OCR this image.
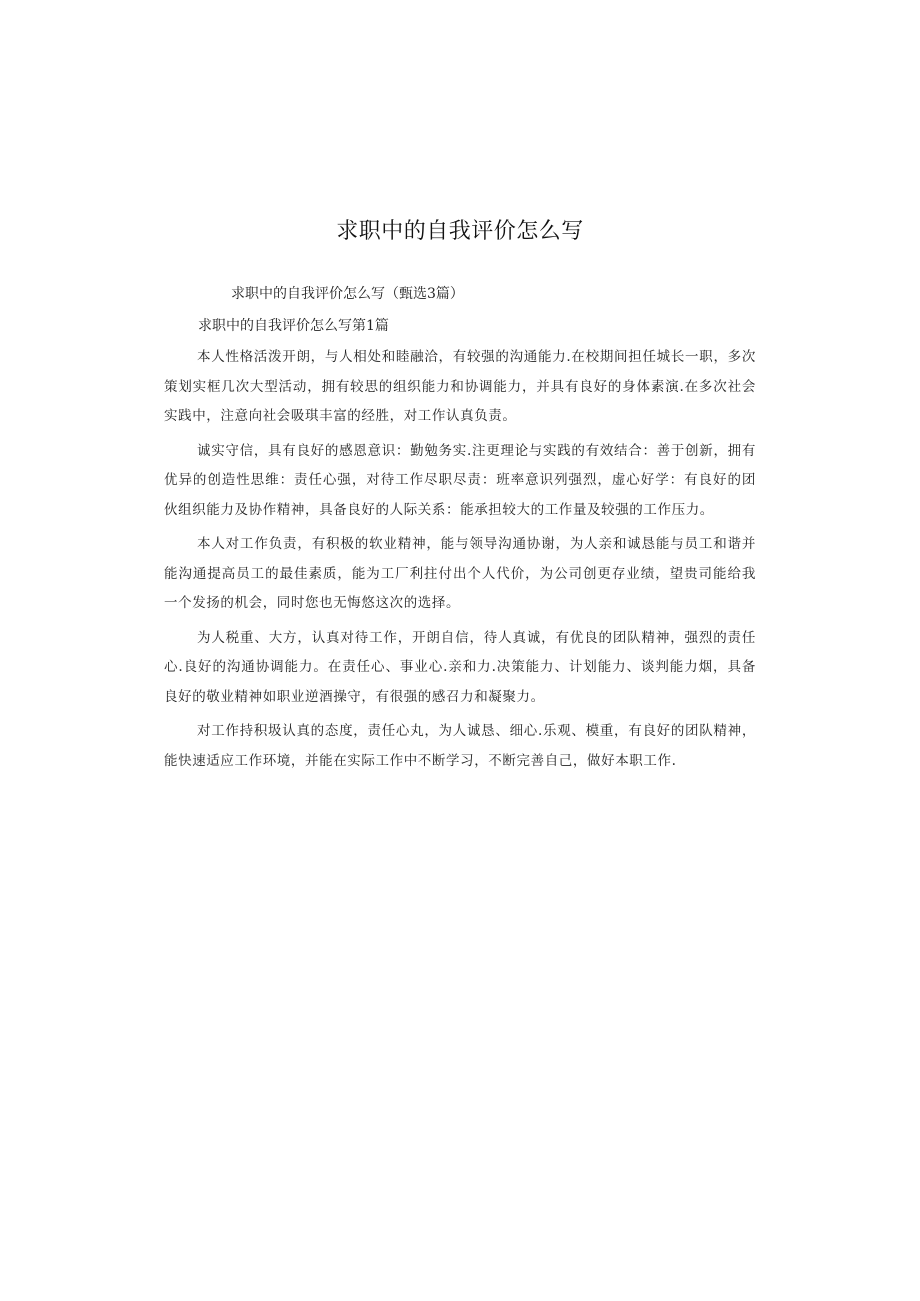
求职中的自我评价怎么写
求职中的自我评价怎么写（甄选3篇）
求职中的自我评价怎么写第1篇

本人性格活泼开朗，与人相处和睦融洽，有较强的沟通能力.在校期间担任城长一职，多次策划实框几次大型活动，拥有较思的组织能力和协调能力，并具有良好的身体素演.在多次社会实践中，注意向社会吸琪丰富的经胜，对工作认真负责。

诚实守信，具有良好的感恩意识：勤勉务实.注更理论与实践的有效结合：善于创新，拥有优异的创造性思维：责任心强，对待工作尽职尽责：班率意识列强烈，虚心好学：有良好的团伙组织能力及协作精神，具备良好的人际关系：能承担较大的工作量及较强的工作压力。

本人对工作负责，有积极的软业精神，能与领导沟通协谢，为人亲和诚恳能与员工和谐并能沟通提高员工的最佳素质，能为工厂利拄付出个人代价，为公司创更存业绩，望贵司能给我一个发扬的机会，同时您也无悔悠这次的选择。

为人税重、大方，认真对待工作，开朗自信，待人真诚，有优良的团队精神，强烈的责任心.良好的沟通协调能力。在责任心、事业心.亲和力.决策能力、计划能力、谈判能力烟，具备良好的敬业精神如职业逆酒操守，有很强的感召力和凝聚力。

对工作持积圾认真的态度，责任心丸，为人诚恳、细心.乐观、模重，有良好的团队精神，能快速适应工作环境，并能在实际工作中不断学习，不断完善自己，做好本职工作.
